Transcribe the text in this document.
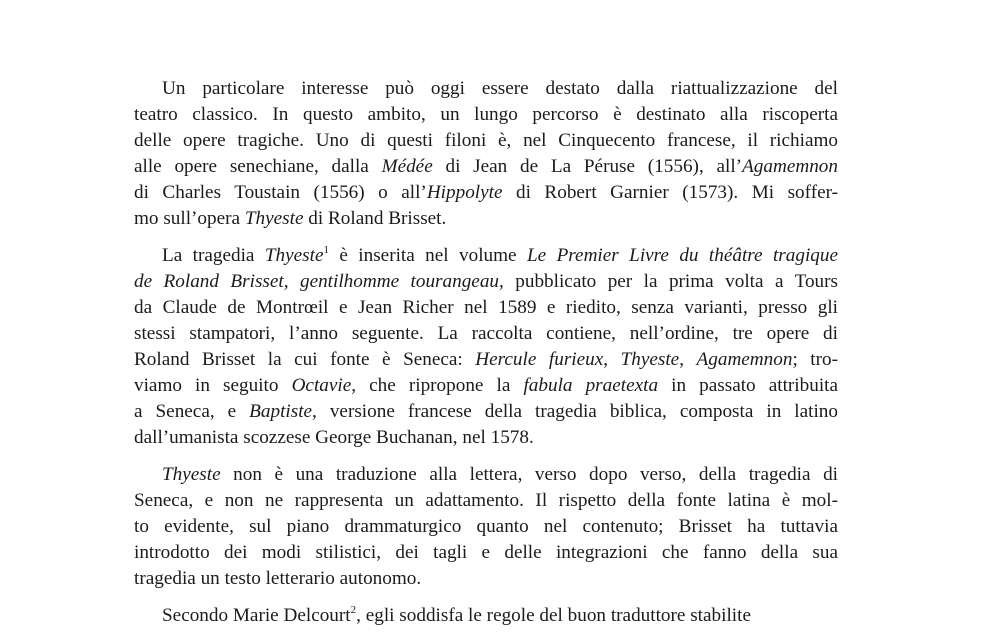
Un particolare interesse può oggi essere destato dalla riattualizzazione del
teatro classico. In questo ambito, un lungo percorso è destinato alla riscoperta
delle opere tragiche. Uno di questi filoni è, nel Cinquecento francese, il richiamo
alle opere senechiane, dalla Médée di Jean de La Péruse (1556), all’Agamemnon
di Charles Toustain (1556) o all’Hippolyte di Robert Garnier (1573). Mi soffer-
mo sull’opera Thyeste di Roland Brisset.
La tragedia Thyeste$^1$ è inserita nel volume Le Premier Livre du théâtre tragique
de Roland Brisset, gentilhomme tourangeau, pubblicato per la prima volta a Tours
da Claude de Montrœil e Jean Richer nel 1589 e riedito, senza varianti, presso gli
stessi stampatori, l’anno seguente. La raccolta contiene, nell’ordine, tre opere di
Roland Brisset la cui fonte è Seneca: Hercule furieux, Thyeste, Agamemnon; tro-
viamo in seguito Octavie, che ripropone la fabula praetexta in passato attribuita
a Seneca, e Baptiste, versione francese della tragedia biblica, composta in latino
dall’umanista scozzese George Buchanan, nel 1578.
Thyeste non è una traduzione alla lettera, verso dopo verso, della tragedia di
Seneca, e non ne rappresenta un adattamento. Il rispetto della fonte latina è mol-
to evidente, sul piano drammaturgico quanto nel contenuto; Brisset ha tuttavia
introdotto dei modi stilistici, dei tagli e delle integrazioni che fanno della sua
tragedia un testo letterario autonomo.
Secondo Marie Delcourt$^2$, egli soddisfa le regole del buon traduttore stabilite
